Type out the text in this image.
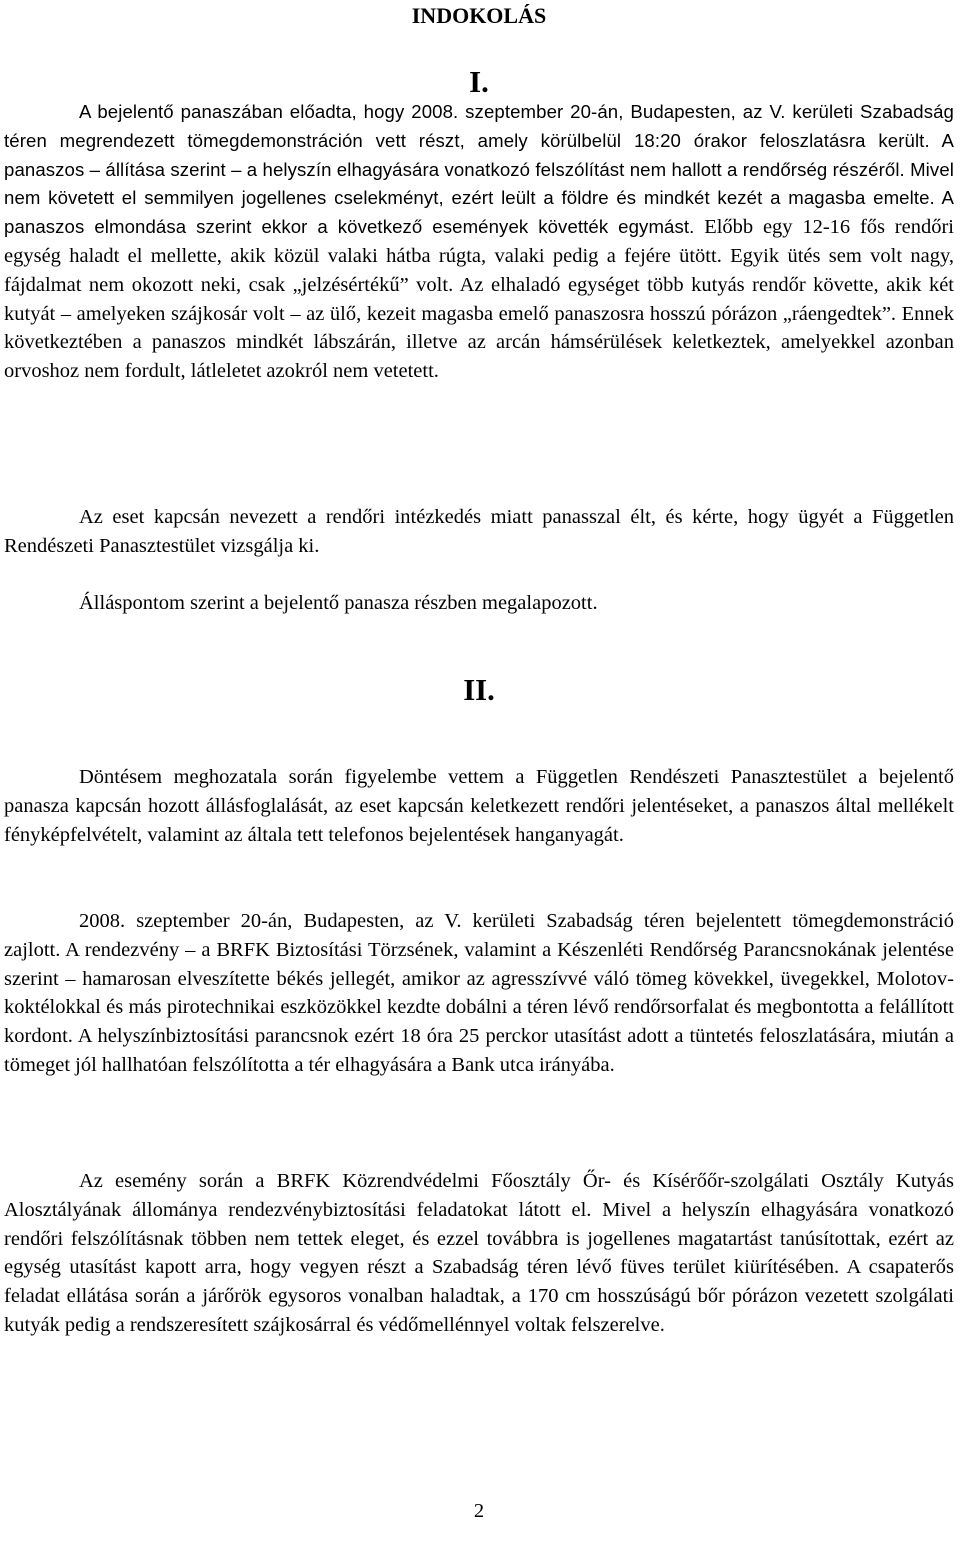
INDOKOLÁS
I.

A bejelentő panaszában előadta, hogy 2008. szeptember 20-án, Budapesten, az V. kerületi Szabadság téren megrendezett tömegdemonstráción vett részt, amely körülbelül 18:20 órakor feloszlatásra került. A panaszos – állítása szerint – a helyszín elhagyására vonatkozó felszólítást nem hallott a rendőrség részéről. Mivel nem követett el semmilyen jogellenes cselekményt, ezért leült a földre és mindkét kezét a magasba emelte. A panaszos elmondása szerint ekkor a következő események követték egymást. Előbb egy 12-16 fős rendőri egység haladt el mellette, akik közül valaki hátba rúgta, valaki pedig a fejére ütött. Egyik ütés sem volt nagy, fájdalmat nem okozott neki, csak „jelzésértékű” volt. Az elhaladó egységet több kutyás rendőr követte, akik két kutyát – amelyeken szájkosár volt – az ülő, kezeit magasba emelő panaszosra hosszú pórázon „ráengedtek”. Ennek következtében a panaszos mindkét lábszárán, illetve az arcán hámsérülések keletkeztek, amelyekkel azonban orvoshoz nem fordult, látleletet azokról nem vetetett.

Az eset kapcsán nevezett a rendőri intézkedés miatt panasszal élt, és kérte, hogy ügyét a Független Rendészeti Panasztestület vizsgálja ki.

Álláspontom szerint a bejelentő panasza részben megalapozott.

II.

Döntésem meghozatala során figyelembe vettem a Független Rendészeti Panasztestület a bejelentő panasza kapcsán hozott állásfoglalását, az eset kapcsán keletkezett rendőri jelentéseket, a panaszos által mellékelt fényképfelvételt, valamint az általa tett telefonos bejelentések hanganyagát.

2008. szeptember 20-án, Budapesten, az V. kerületi Szabadság téren bejelentett tömegdemonstráció zajlott. A rendezvény – a BRFK Biztosítási Törzsének, valamint a Készenléti Rendőrség Parancsnokának jelentése szerint – hamarosan elveszítette békés jellegét, amikor az agresszívvé váló tömeg kövekkel, üvegekkel, Molotov-koktélokkal és más pirotechnikai eszközökkel kezdte dobálni a téren lévő rendőrsorfalat és megbontotta a felállított kordont. A helyszínbiztosítási parancsnok ezért 18 óra 25 perckor utasítást adott a tüntetés feloszlatására, miután a tömeget jól hallhatóan felszólította a tér elhagyására a Bank utca irányába.

Az esemény során a BRFK Közrendvédelmi Főosztály Őr- és Kísérőőr-szolgálati Osztály Kutyás Alosztályának állománya rendezvénybiztosítási feladatokat látott el. Mivel a helyszín elhagyására vonatkozó rendőri felszólításnak többen nem tettek eleget, és ezzel továbbra is jogellenes magatartást tanúsítottak, ezért az egység utasítást kapott arra, hogy vegyen részt a Szabadság téren lévő füves terület kiürítésében. A csapaterős feladat ellátása során a járőrök egysoros vonalban haladtak, a 170 cm hosszúságú bőr pórázon vezetett szolgálati kutyák pedig a rendszeresített szájkosárral és védőmellénnyel voltak felszerelve.

2
